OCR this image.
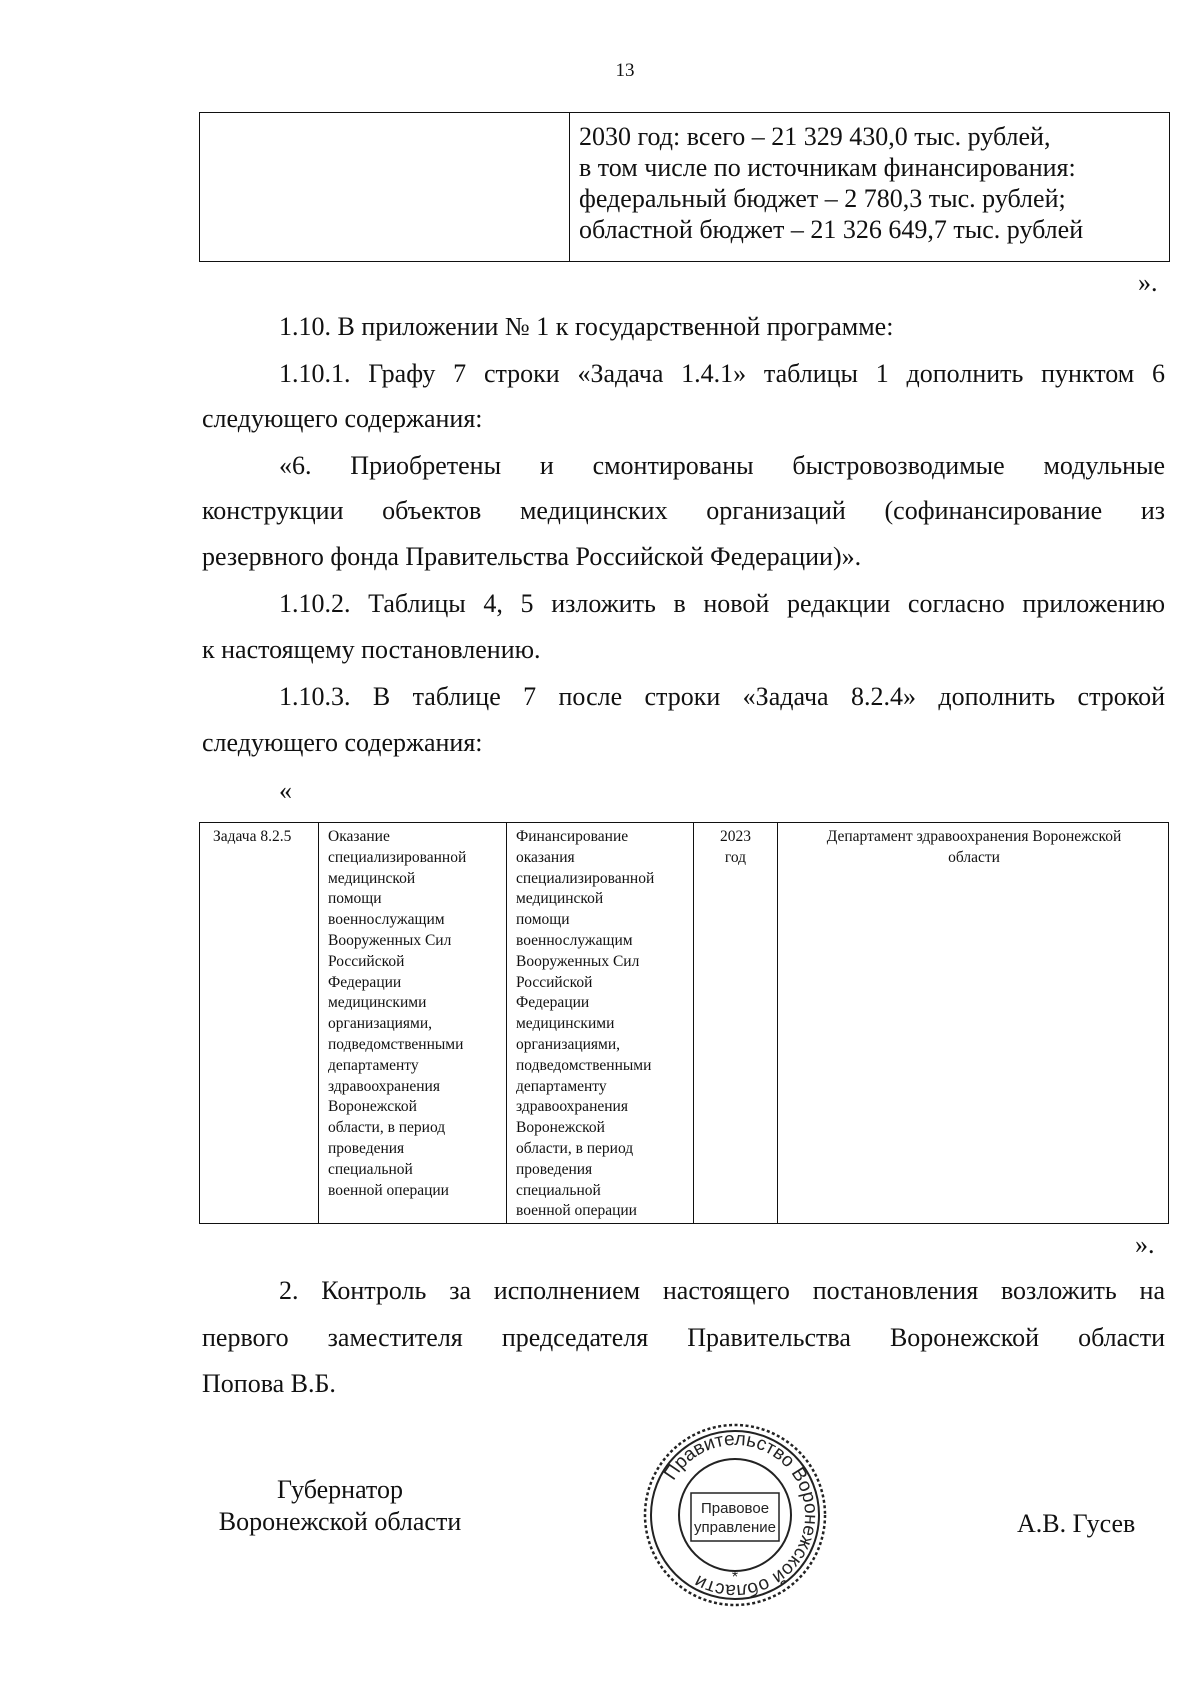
13
2030 год: всего – 21 329 430,0 тыс. рублей,
в том числе по источникам финансирования:
федеральный бюджет – 2 780,3 тыс. рублей;
областной бюджет – 21 326 649,7 тыс. рублей
».
1.10. В приложении № 1 к государственной программе:
1.10.1. Графу 7 строки «Задача 1.4.1» таблицы 1 дополнить пунктом 6
следующего содержания:
«6. Приобретены и смонтированы быстровозводимые модульные
конструкции объектов медицинских организаций (софинансирование из
резервного фонда Правительства Российской Федерации)».
1.10.2. Таблицы 4, 5 изложить в новой редакции согласно приложению
к настоящему постановлению.
1.10.3. В таблице 7 после строки «Задача 8.2.4» дополнить строкой
следующего содержания:
«
Задача 8.2.5 Оказание
специализированной
медицинской
помощи
военнослужащим
Вооруженных Сил
Российской
Федерации
медицинскими
организациями,
подведомственными
департаменту
здравоохранения
Воронежской
области, в период
проведения
специальной
военной операции
Финансирование
оказания
специализированной
медицинской
помощи
военнослужащим
Вооруженных Сил
Российской
Федерации
медицинскими
организациями,
подведомственными
департаменту
здравоохранения
Воронежской
области, в период
проведения
специальной
военной операции
2023
год
Департамент здравоохранения Воронежской
области
».
2. Контроль за исполнением настоящего постановления возложить на
первого заместителя председателя Правительства Воронежской области
Попова В.Б.
Губернатор
Воронежской области	А.В. Гусев
Правительство Воронежской области
Правовое
управление
*
